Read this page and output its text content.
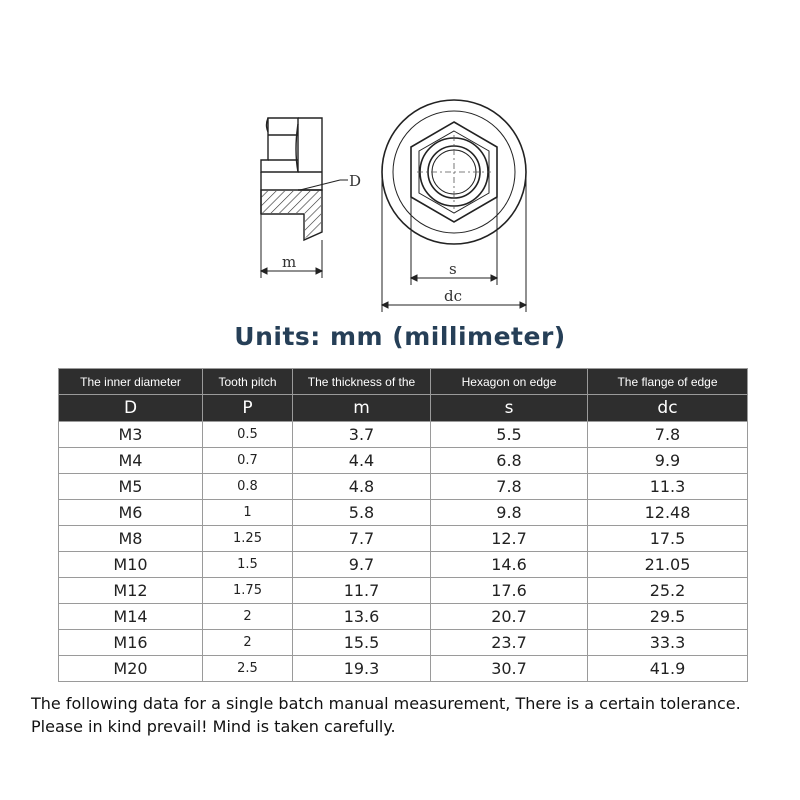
D
m	s
dc
Units: mm (millimeter)
The inner diameter	Tooth pitch	The thickness of the	Hexagon on edge	The flange of edge
D	P	m	s	dc
M3	0.5	3.7	5.5	7.8
M4	0.7	4.4	6.8	9.9
M5	0.8	4.8	7.8	11.3
M6	1	5.8	9.8	12.48
M8	1.25	7.7	12.7	17.5
M10	1.5	9.7	14.6	21.05
M12	1.75	11.7	17.6	25.2
M14	2	13.6	20.7	29.5
M16	2	15.5	23.7	33.3
M20	2.5	19.3	30.7	41.9
The following data for a single batch manual measurement, There is a certain tolerance.
Please in kind prevail! Mind is taken carefully.
